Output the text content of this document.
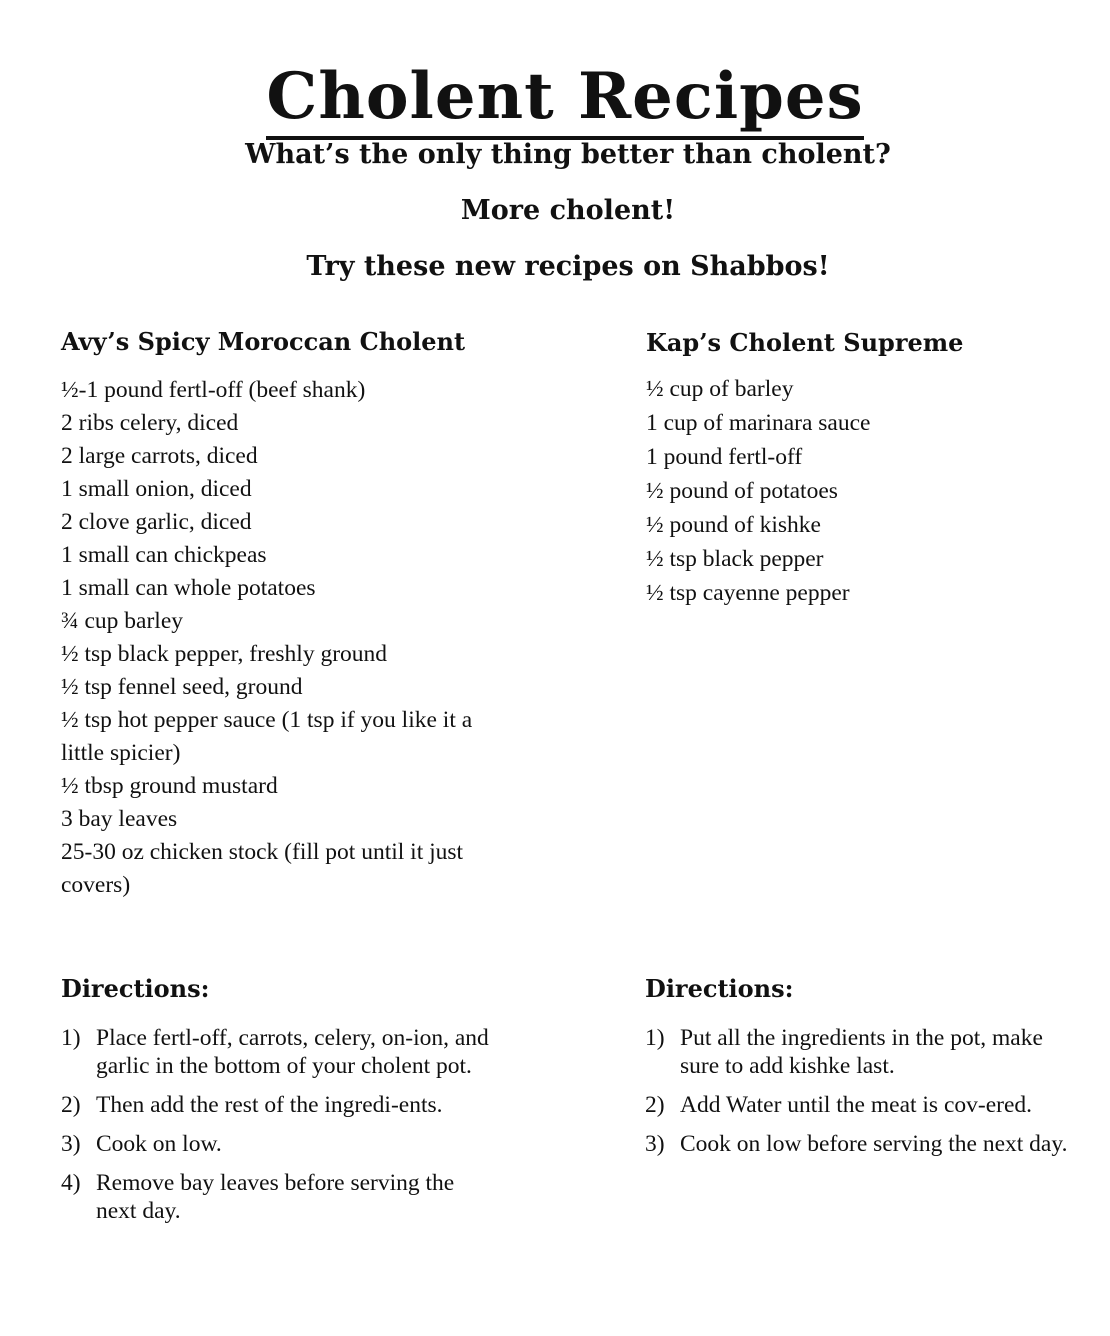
Cholent Recipes

What’s the only thing better than cholent?

More cholent!

Try these new recipes on Shabbos!

Avy’s Spicy Moroccan Cholent
½-1 pound fertl-off (beef shank)
2 ribs celery, diced
2 large carrots, diced
1 small onion, diced
2 clove garlic, diced
1 small can chickpeas
1 small can whole potatoes
¾ cup barley
½ tsp black pepper, freshly ground
½ tsp fennel seed, ground
½ tsp hot pepper sauce (1 tsp if you like it a little spicier)
½ tbsp ground mustard
3 bay leaves
25-30 oz chicken stock (fill pot until it just covers)
Kap’s Cholent Supreme
½ cup of barley
1 cup of marinara sauce
1 pound fertl-off
½ pound of potatoes
½ pound of kishke
½ tsp black pepper
½ tsp cayenne pepper
Directions:
1) Place fertl-off, carrots, celery, on-ion, and garlic in the bottom of your cholent pot.
2) Then add the rest of the ingredi-ents.
3) Cook on low.
4) Remove bay leaves before serving the next day.
Directions:
1) Put all the ingredients in the pot, make sure to add kishke last.
2) Add Water until the meat is cov-ered.
3) Cook on low before serving the next day.
